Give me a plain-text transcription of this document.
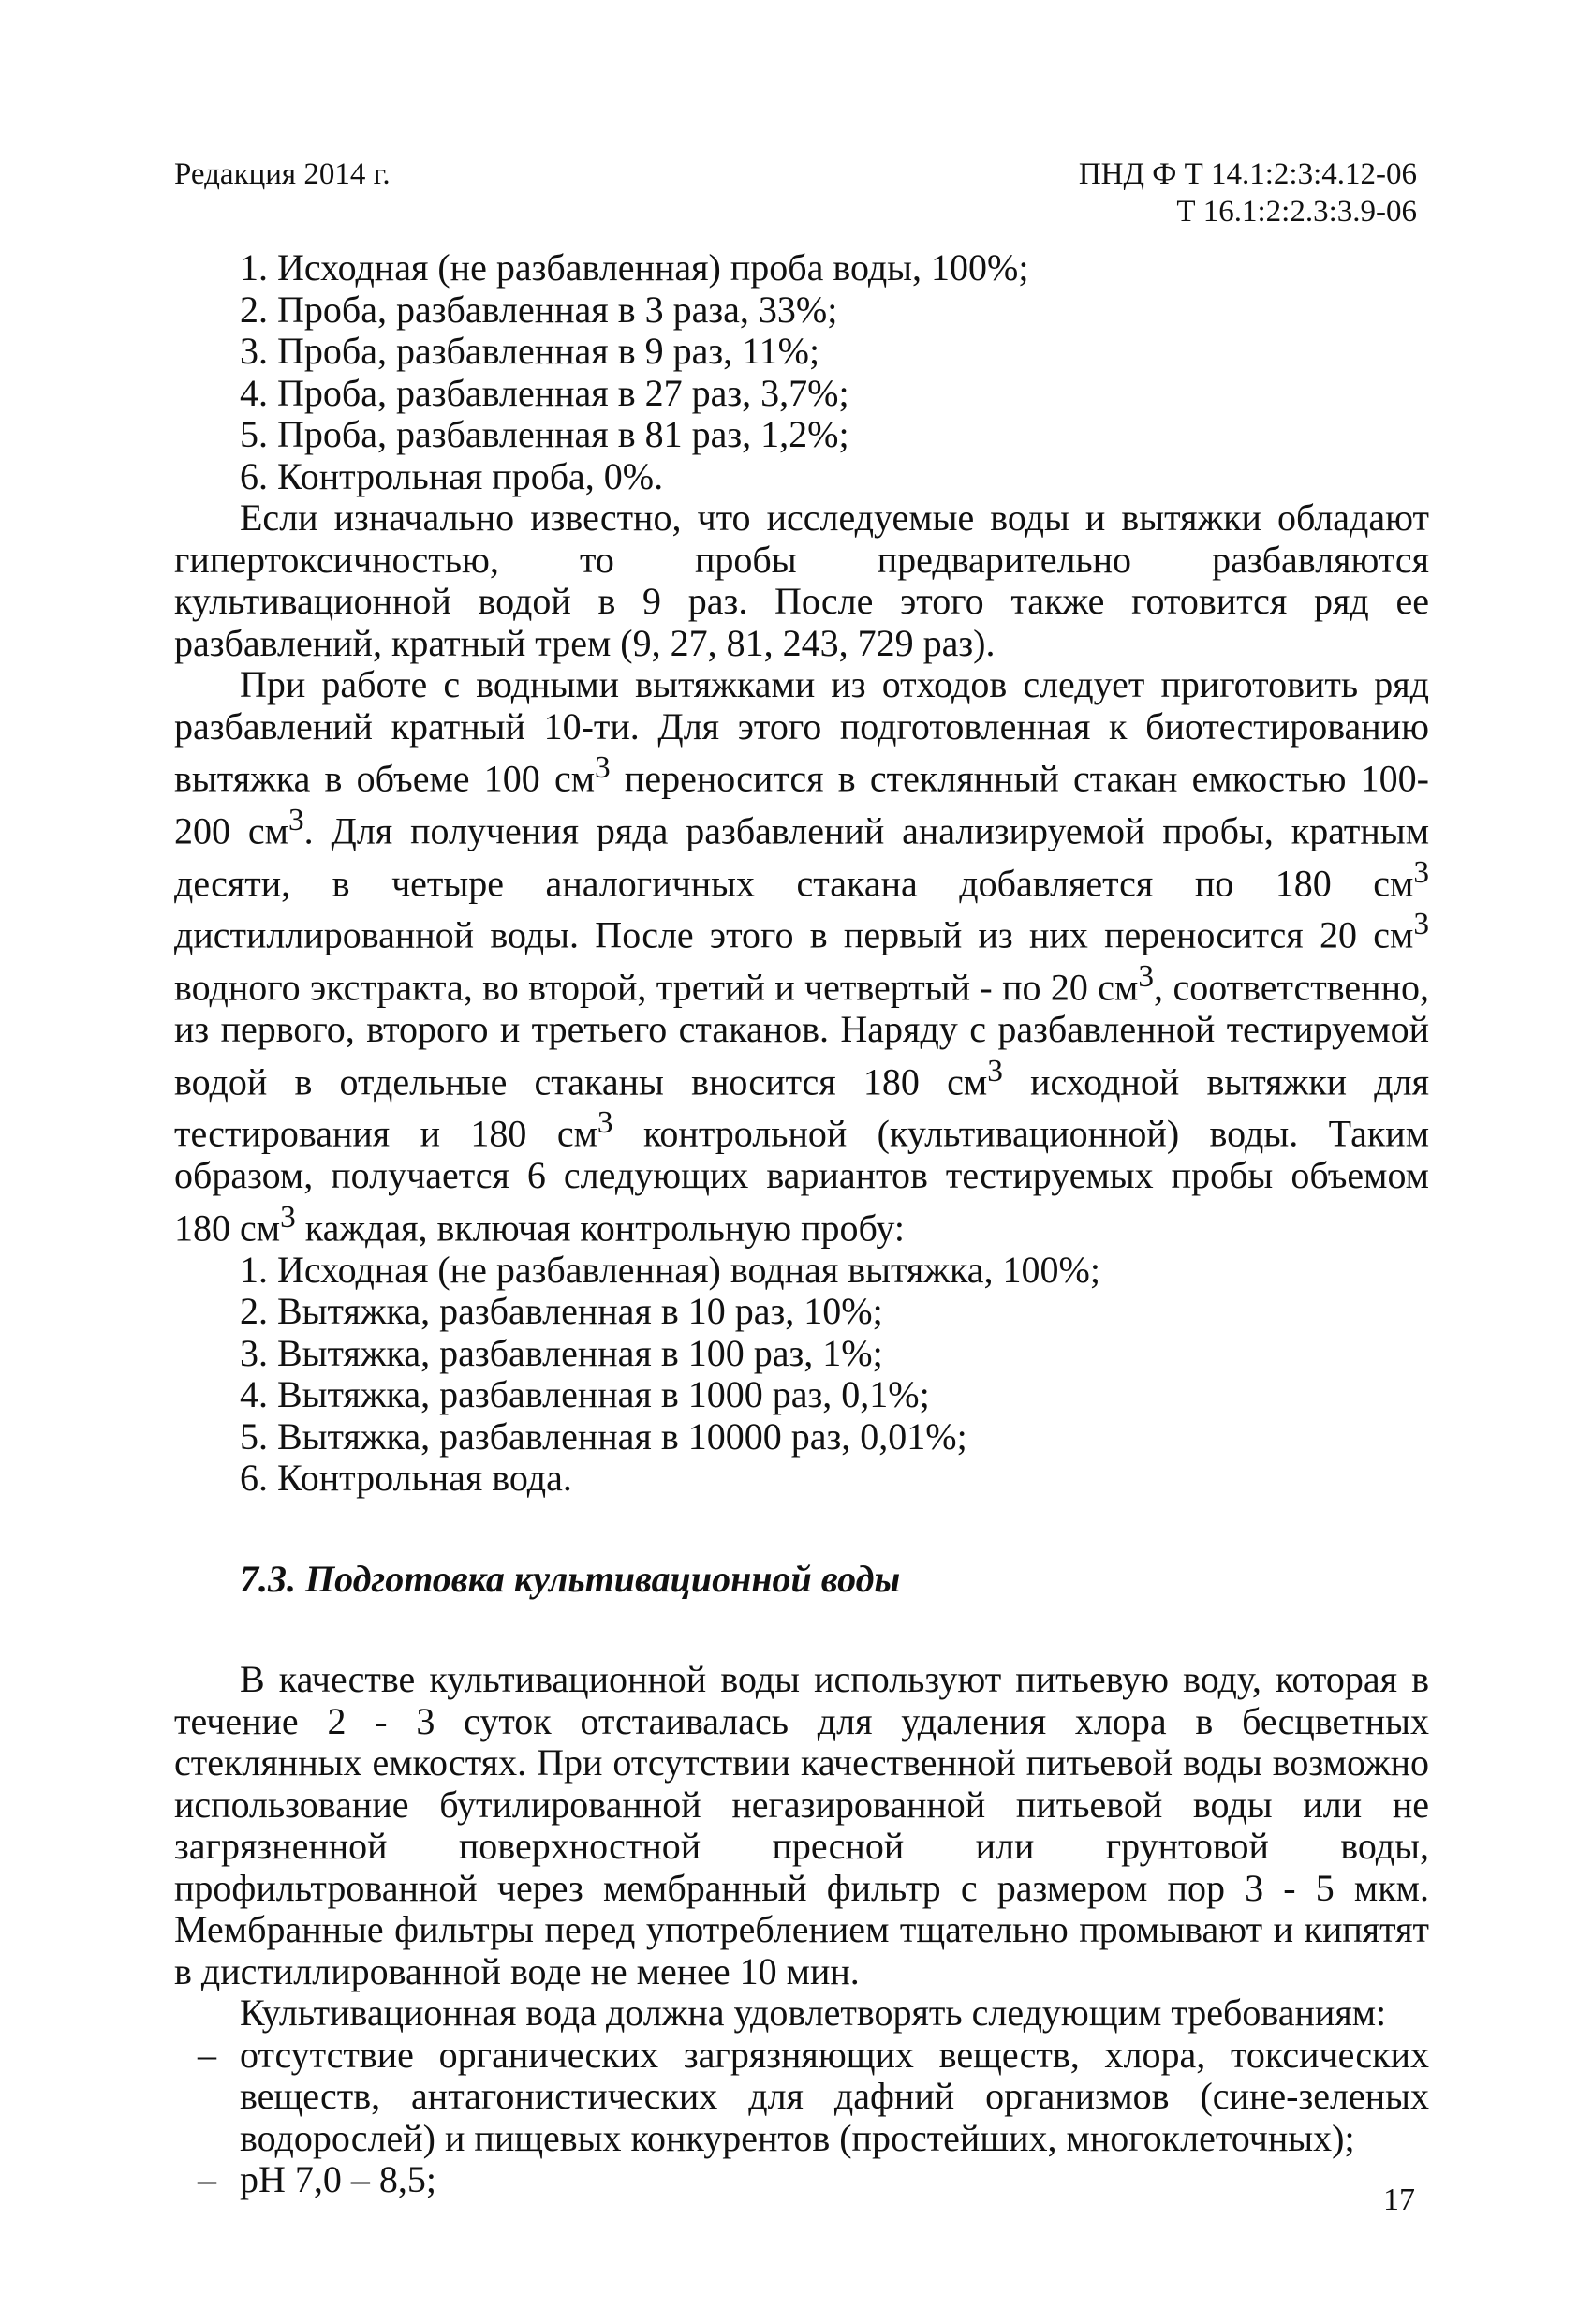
Редакция 2014 г.	ПНД Ф Т 14.1:2:3:4.12-06
Т 16.1:2:2.3:3.9-06

1. Исходная (не разбавленная) проба воды, 100%;

2. Проба, разбавленная в 3 раза, 33%;

3. Проба, разбавленная в 9 раз, 11%;

4. Проба, разбавленная в 27 раз, 3,7%;

5. Проба, разбавленная в 81 раз, 1,2%;

6. Контрольная проба, 0%.

Если изначально известно, что исследуемые воды и вытяжки обладают гипертоксичностью, то пробы предварительно разбавляются культивационной водой в 9 раз. После этого также готовится ряд ее разбавлений, кратный трем (9, 27, 81, 243, 729 раз).

При работе с водными вытяжками из отходов следует приготовить ряд разбавлений кратный 10-ти. Для этого подготовленная к биотестированию вытяжка в объеме 100 $см^3$ переносится в стеклянный стакан емкостью 100-200 $см^3$. Для получения ряда разбавлений анализируемой пробы, кратным десяти, в четыре аналогичных стакана добавляется по 180 $см^3$ дистиллированной воды. После этого в первый из них переносится 20 $см^3$ водного экстракта, во второй, третий и четвертый - по 20 $см^3$, соответственно, из первого, второго и третьего стаканов. Наряду с разбавленной тестируемой водой в отдельные стаканы вносится 180 $см^3$ исходной вытяжки для тестирования и 180 $см^3$ контрольной (культивационной) воды. Таким образом, получается 6 следующих вариантов тестируемых пробы объемом 180 $см^3$ каждая, включая контрольную пробу:

1. Исходная (не разбавленная) водная вытяжка, 100%;

2. Вытяжка, разбавленная в 10 раз, 10%;

3. Вытяжка, разбавленная в 100 раз, 1%;

4. Вытяжка, разбавленная в 1000 раз, 0,1%;

5. Вытяжка, разбавленная в 10000 раз, 0,01%;

6. Контрольная вода.

7.3. Подготовка культивационной воды

В качестве культивационной воды используют питьевую воду, которая в течение 2 - 3 суток отстаивалась для удаления хлора в бесцветных стеклянных емкостях. При отсутствии качественной питьевой воды возможно использование бутилированной негазированной питьевой воды или не загрязненной поверхностной пресной или грунтовой воды, профильтрованной через мембранный фильтр с размером пор 3 - 5 мкм. Мембранные фильтры перед употреблением тщательно промывают и кипятят в дистиллированной воде не менее 10 мин.

Культивационная вода должна удовлетворять следующим требованиям:

– отсутствие органических загрязняющих веществ, хлора, токсических веществ, антагонистических для дафний организмов (сине-зеленых водорослей) и пищевых конкурентов (простейших, многоклеточных);
– pH 7,0 – 8,5;	17
